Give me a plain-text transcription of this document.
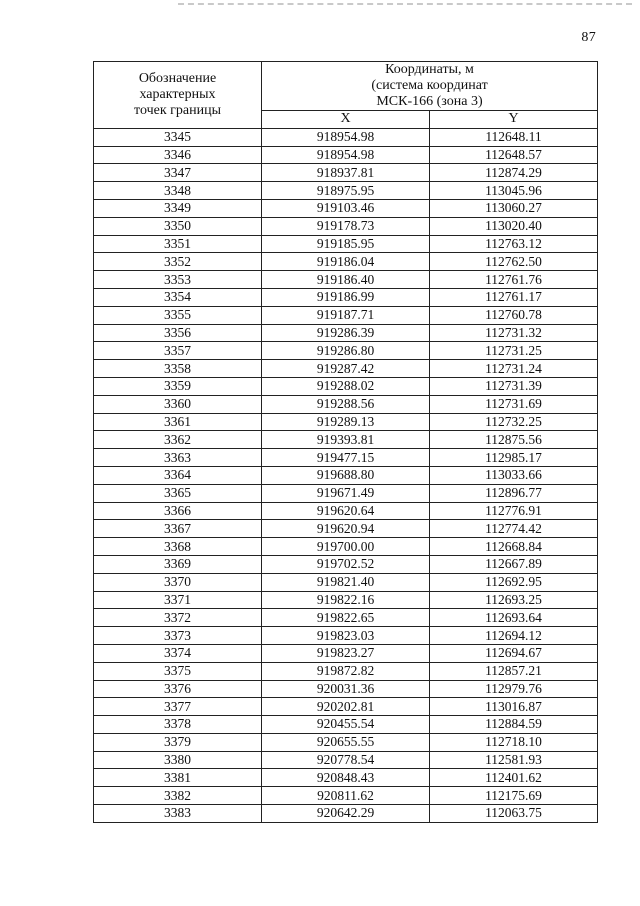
87
Обозначение
характерных
точек границы	Координаты, м
(система координат
МСК-166 (зона 3)	

	X	Y
3345	918954.98	112648.11
3346	918954.98	112648.57
3347	918937.81	112874.29
3348	918975.95	113045.96
3349	919103.46	113060.27
3350	919178.73	113020.40
3351	919185.95	112763.12
3352	919186.04	112762.50
3353	919186.40	112761.76
3354	919186.99	112761.17
3355	919187.71	112760.78
3356	919286.39	112731.32
3357	919286.80	112731.25
3358	919287.42	112731.24
3359	919288.02	112731.39
3360	919288.56	112731.69
3361	919289.13	112732.25
3362	919393.81	112875.56
3363	919477.15	112985.17
3364	919688.80	113033.66
3365	919671.49	112896.77
3366	919620.64	112776.91
3367	919620.94	112774.42
3368	919700.00	112668.84
3369	919702.52	112667.89
3370	919821.40	112692.95
3371	919822.16	112693.25
3372	919822.65	112693.64
3373	919823.03	112694.12
3374	919823.27	112694.67
3375	919872.82	112857.21
3376	920031.36	112979.76
3377	920202.81	113016.87
3378	920455.54	112884.59
3379	920655.55	112718.10
3380	920778.54	112581.93
3381	920848.43	112401.62
3382	920811.62	112175.69
3383	920642.29	112063.75
